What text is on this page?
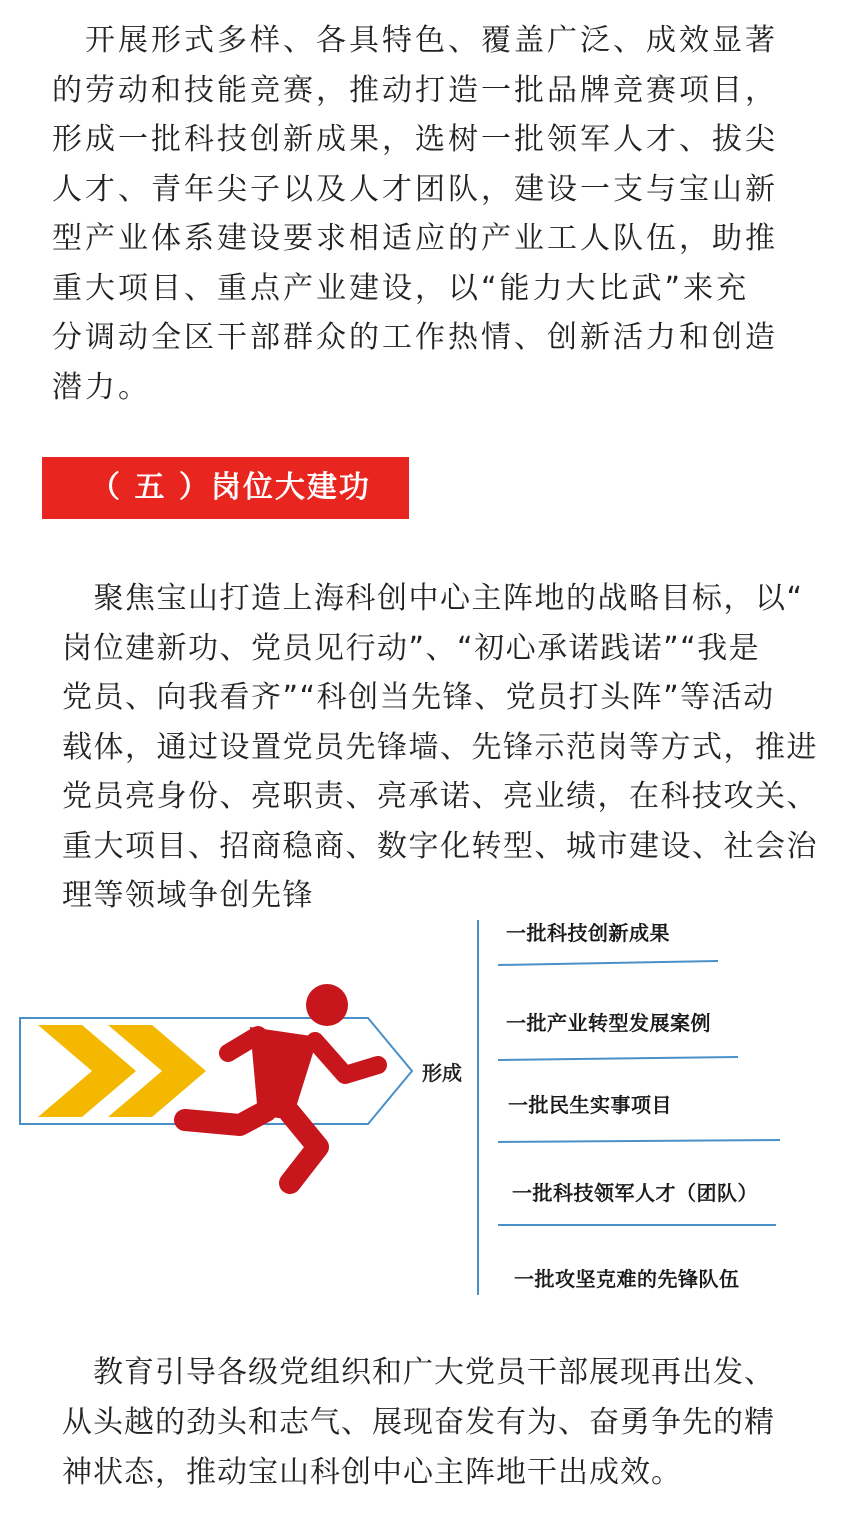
　开展形式多样、各具特色、覆盖广泛、成效显著
的劳动和技能竞赛，推动打造一批品牌竞赛项目，
形成一批科技创新成果，选树一批领军人才、拔尖
人才、青年尖子以及人才团队，建设一支与宝山新
型产业体系建设要求相适应的产业工人队伍，助推
重大项目、重点产业建设，以“能力大比武”来充
分调动全区干部群众的工作热情、创新活力和创造
潜力。

（ 五 ）岗位大建功

　聚焦宝山打造上海科创中心主阵地的战略目标，以“
岗位建新功、党员见行动”、“初心承诺践诺”“我是
党员、向我看齐”“科创当先锋、党员打头阵”等活动
载体，通过设置党员先锋墙、先锋示范岗等方式，推进
党员亮身份、亮职责、亮承诺、亮业绩，在科技攻关、
重大项目、招商稳商、数字化转型、城市建设、社会治
理等领域争创先锋

形成
一批科技创新成果
一批产业转型发展案例
一批民生实事项目
一批科技领军人才（团队）
一批攻坚克难的先锋队伍

　教育引导各级党组织和广大党员干部展现再出发、
从头越的劲头和志气、展现奋发有为、奋勇争先的精
神状态，推动宝山科创中心主阵地干出成效。
